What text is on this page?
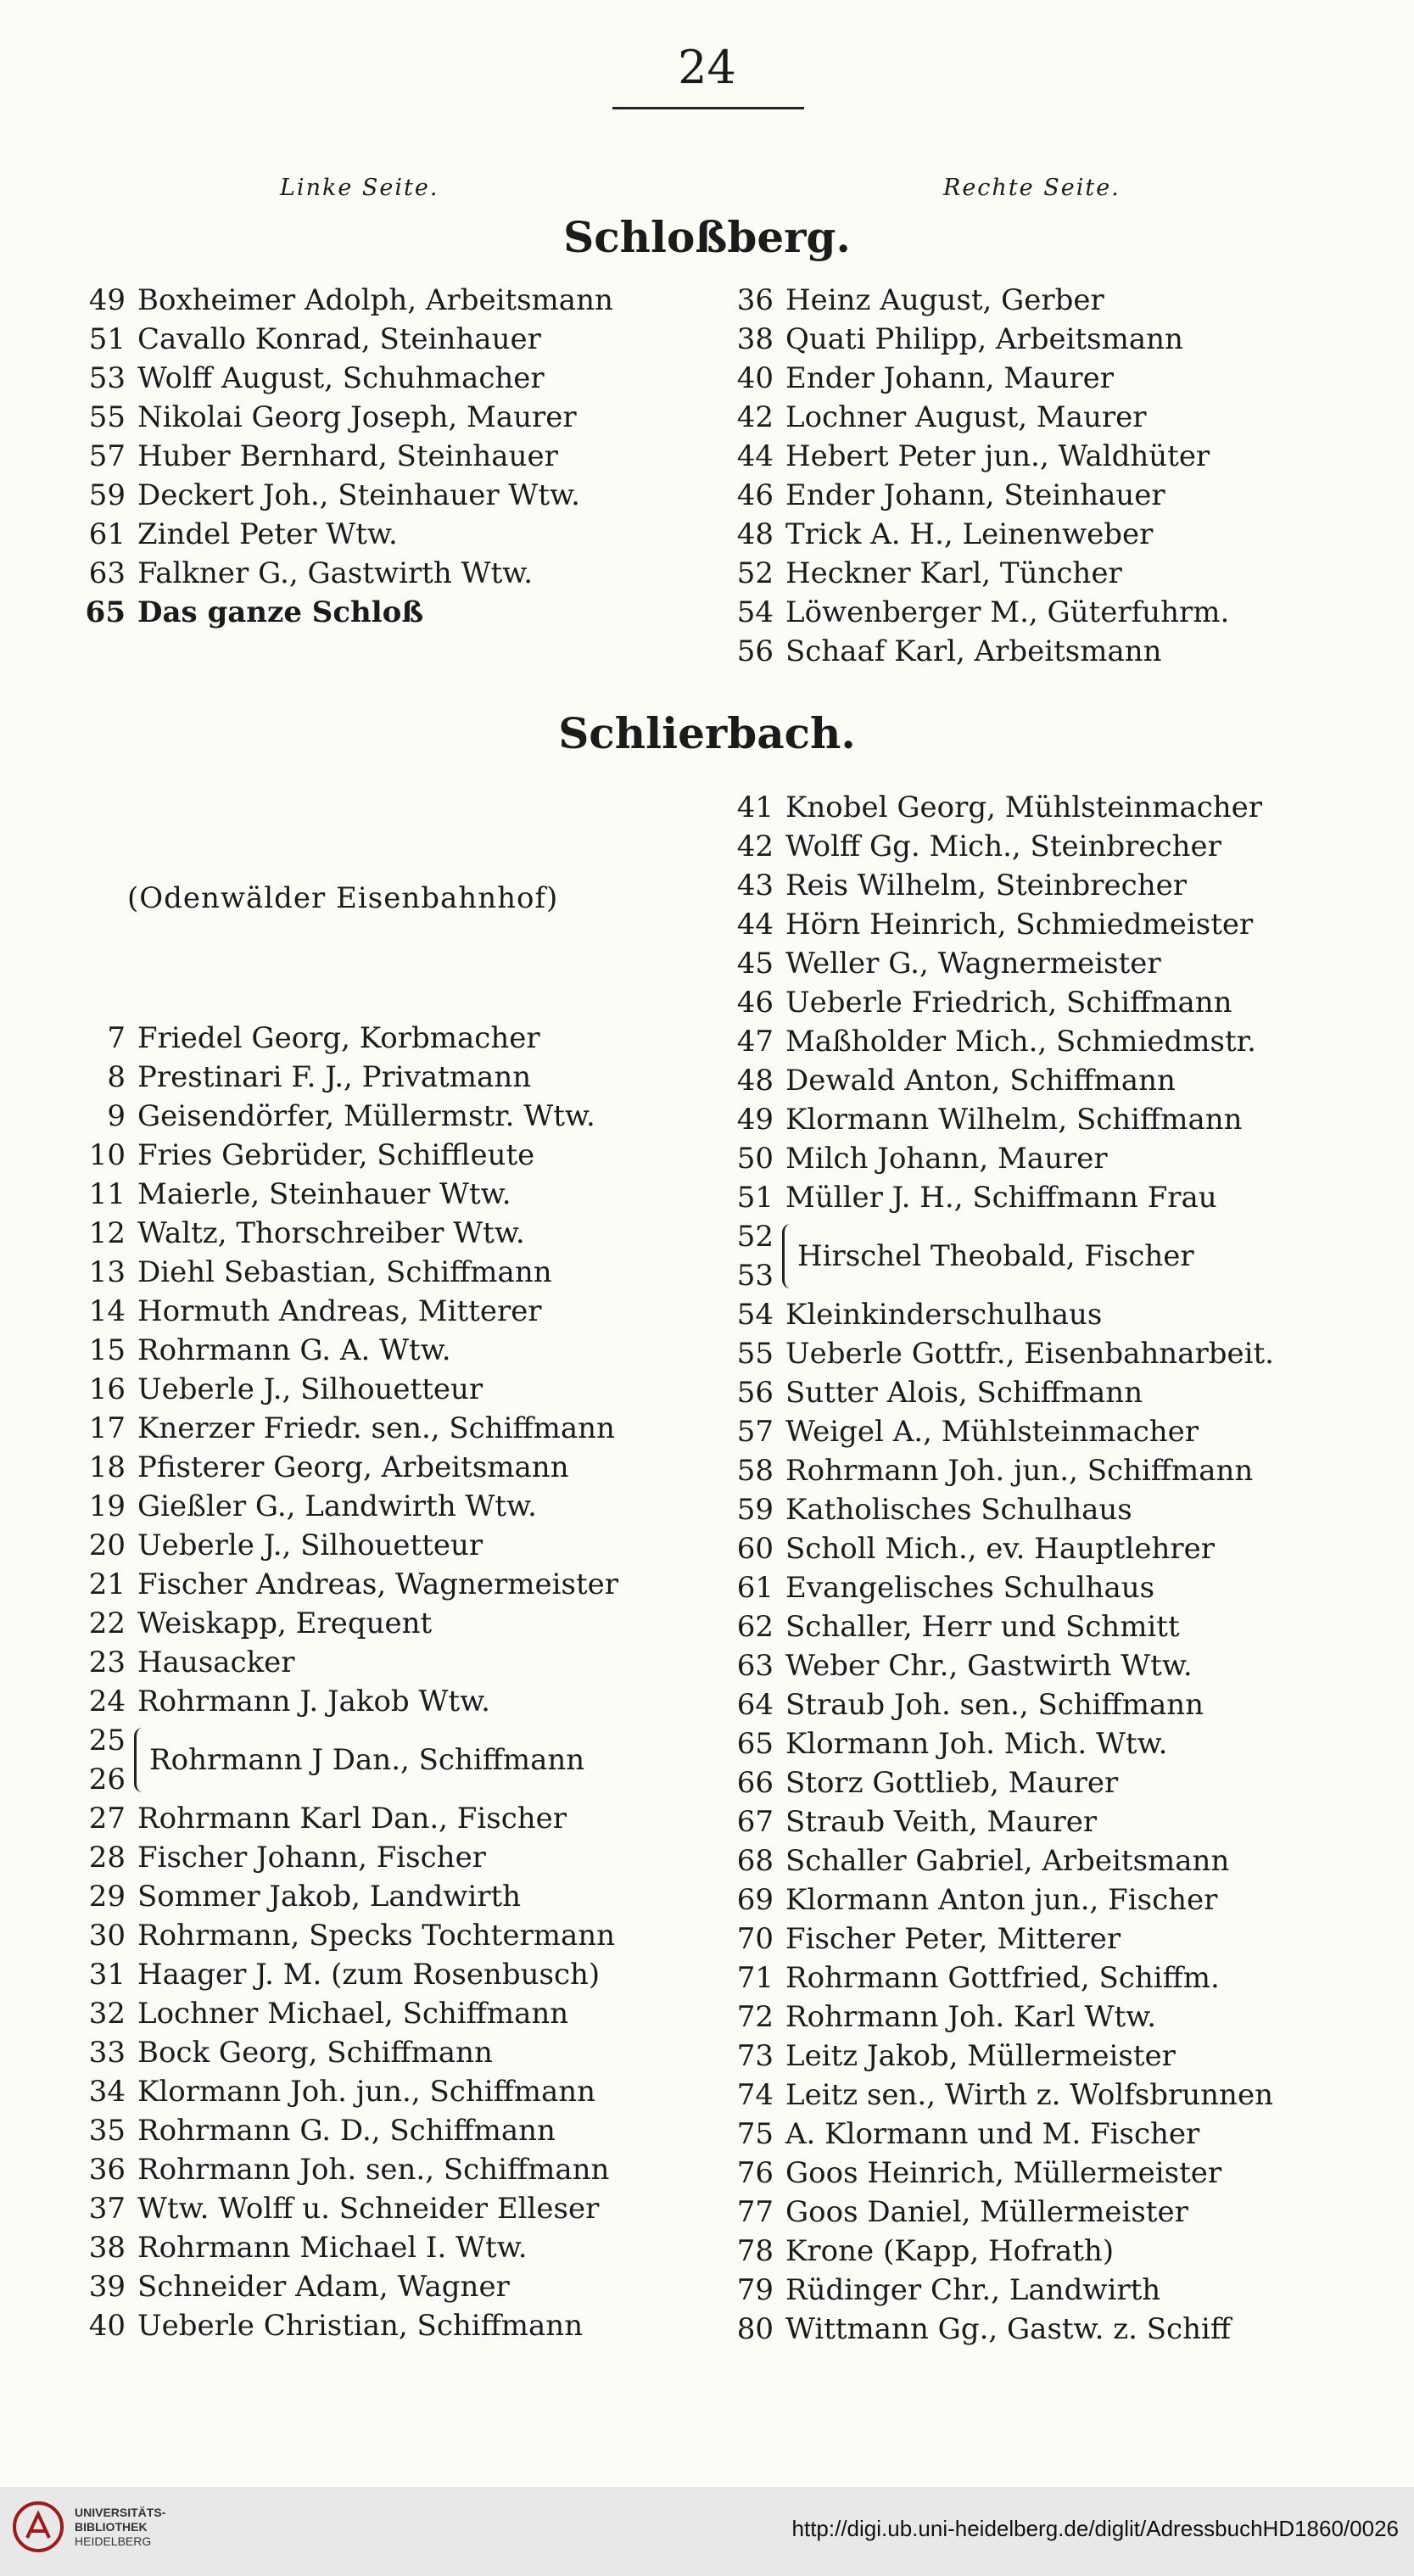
24
Linke Seite.	Rechte Seite.
Schloßberg.
49 Boxheimer Adolph, Arbeitsmann
51 Cavallo Konrad, Steinhauer
53 Wolff August, Schuhmacher
55 Nikolai Georg Joseph, Maurer
57 Huber Bernhard, Steinhauer
59 Deckert Joh., Steinhauer Wtw.
61 Zindel Peter Wtw.
63 Falkner G., Gastwirth Wtw.
65 Das ganze Schloß
36 Heinz August, Gerber
38 Quati Philipp, Arbeitsmann
40 Ender Johann, Maurer
42 Lochner August, Maurer
44 Hebert Peter jun., Waldhüter
46 Ender Johann, Steinhauer
48 Trick A. H., Leinenweber
52 Heckner Karl, Tüncher
54 Löwenberger M., Güterfuhrm.
56 Schaaf Karl, Arbeitsmann
Schlierbach.
(Odenwälder Eisenbahnhof)
7 Friedel Georg, Korbmacher
8 Prestinari F. J., Privatmann
9 Geisendörfer, Müllermstr. Wtw.
10 Fries Gebrüder, Schiffleute
11 Maierle, Steinhauer Wtw.
12 Waltz, Thorschreiber Wtw.
13 Diehl Sebastian, Schiffmann
14 Hormuth Andreas, Mitterer
15 Rohrmann G. A. Wtw.
16 Ueberle J., Silhouetteur
17 Knerzer Friedr. sen., Schiffmann
18 Pfisterer Georg, Arbeitsmann
19 Gießler G., Landwirth Wtw.
20 Ueberle J., Silhouetteur
21 Fischer Andreas, Wagnermeister
22 Weiskapp, Erequent
23 Hausacker
24 Rohrmann J. Jakob Wtw.
25
26
Rohrmann J Dan., Schiffmann
27 Rohrmann Karl Dan., Fischer
28 Fischer Johann, Fischer
29 Sommer Jakob, Landwirth
30 Rohrmann, Specks Tochtermann
31 Haager J. M. (zum Rosenbusch)
32 Lochner Michael, Schiffmann
33 Bock Georg, Schiffmann
34 Klormann Joh. jun., Schiffmann
35 Rohrmann G. D., Schiffmann
36 Rohrmann Joh. sen., Schiffmann
37 Wtw. Wolff u. Schneider Elleser
38 Rohrmann Michael I. Wtw.
39 Schneider Adam, Wagner
40 Ueberle Christian, Schiffmann
41 Knobel Georg, Mühlsteinmacher
42 Wolff Gg. Mich., Steinbrecher
43 Reis Wilhelm, Steinbrecher
44 Hörn Heinrich, Schmiedmeister
45 Weller G., Wagnermeister
46 Ueberle Friedrich, Schiffmann
47 Maßholder Mich., Schmiedmstr.
48 Dewald Anton, Schiffmann
49 Klormann Wilhelm, Schiffmann
50 Milch Johann, Maurer
51 Müller J. H., Schiffmann Frau
52
53
Hirschel Theobald, Fischer
54 Kleinkinderschulhaus
55 Ueberle Gottfr., Eisenbahnarbeit.
56 Sutter Alois, Schiffmann
57 Weigel A., Mühlsteinmacher
58 Rohrmann Joh. jun., Schiffmann
59 Katholisches Schulhaus
60 Scholl Mich., ev. Hauptlehrer
61 Evangelisches Schulhaus
62 Schaller, Herr und Schmitt
63 Weber Chr., Gastwirth Wtw.
64 Straub Joh. sen., Schiffmann
65 Klormann Joh. Mich. Wtw.
66 Storz Gottlieb, Maurer
67 Straub Veith, Maurer
68 Schaller Gabriel, Arbeitsmann
69 Klormann Anton jun., Fischer
70 Fischer Peter, Mitterer
71 Rohrmann Gottfried, Schiffm.
72 Rohrmann Joh. Karl Wtw.
73 Leitz Jakob, Müllermeister
74 Leitz sen., Wirth z. Wolfsbrunnen
75 A. Klormann und M. Fischer
76 Goos Heinrich, Müllermeister
77 Goos Daniel, Müllermeister
78 Krone (Kapp, Hofrath)
79 Rüdinger Chr., Landwirth
80 Wittmann Gg., Gastw. z. Schiff
UNIVERSITÄTS-
BIBLIOTHEK
HEIDELBERG	http://digi.ub.uni-heidelberg.de/diglit/AdressbuchHD1860/0026
